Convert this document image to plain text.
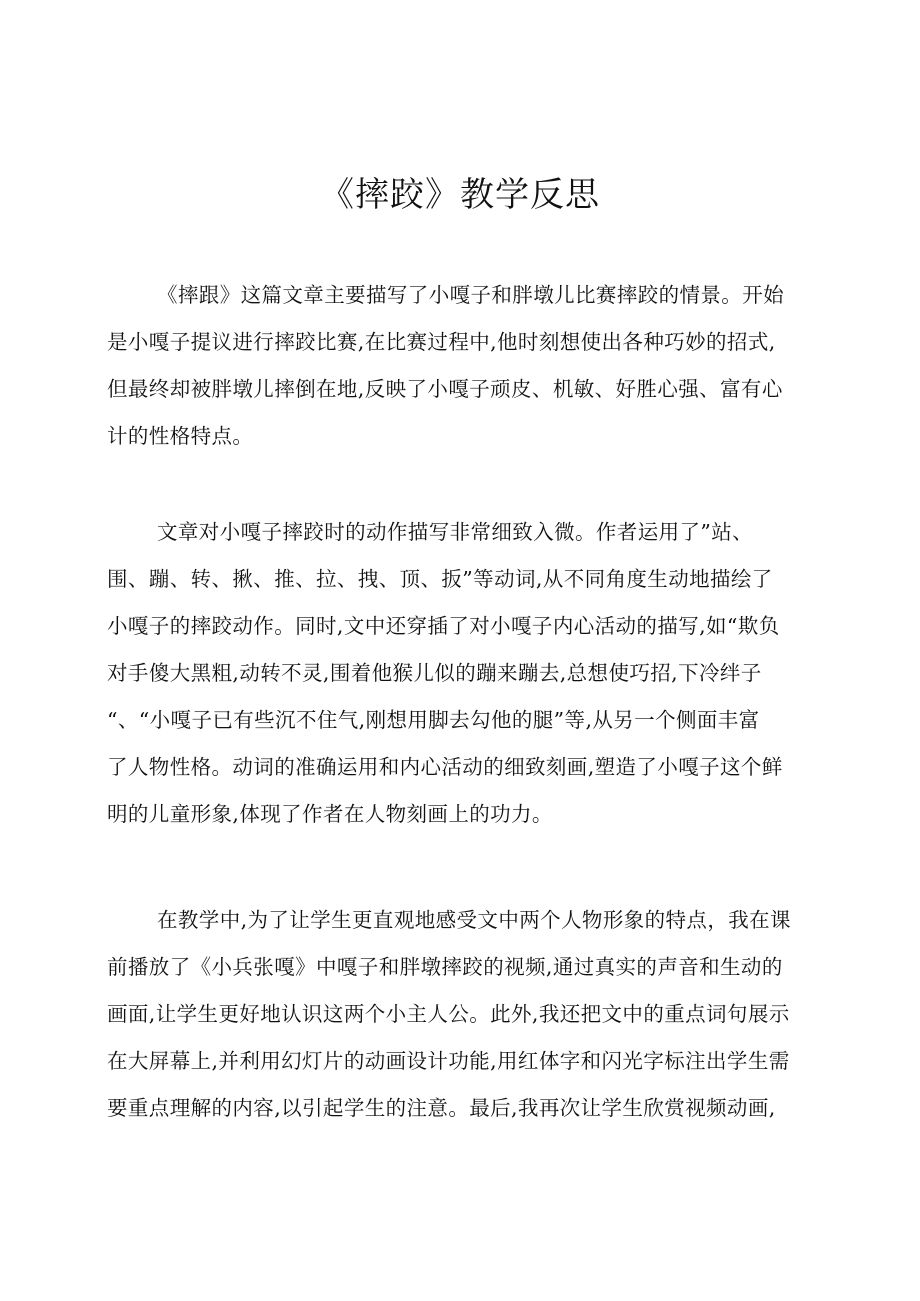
《摔跤》教学反思
《摔跟》这篇文章主要描写了小嘎子和胖墩儿比赛摔跤的情景。开始
是小嘎子提议进行摔跤比赛,在比赛过程中,他时刻想使出各种巧妙的招式,
但最终却被胖墩儿摔倒在地,反映了小嘎子顽皮、机敏、好胜心强、富有心
计的性格特点。
文章对小嘎子摔跤时的动作描写非常细致入微。作者运用了”站、
围、蹦、转、揪、推、拉、拽、顶、扳”等动词,从不同角度生动地描绘了
小嘎子的摔跤动作。同时,文中还穿插了对小嘎子内心活动的描写,如“欺负
对手傻大黑粗,动转不灵,围着他猴儿似的蹦来蹦去,总想使巧招,下冷绊子
“、“小嘎子已有些沉不住气,刚想用脚去勾他的腿”等,从另一个侧面丰富
了人物性格。动词的准确运用和内心活动的细致刻画,塑造了小嘎子这个鲜
明的儿童形象,体现了作者在人物刻画上的功力。
在教学中,为了让学生更直观地感受文中两个人物形象的特点，我在课
前播放了《小兵张嘎》中嘎子和胖墩摔跤的视频,通过真实的声音和生动的
画面,让学生更好地认识这两个小主人公。此外,我还把文中的重点词句展示
在大屏幕上,并利用幻灯片的动画设计功能,用红体字和闪光字标注出学生需
要重点理解的内容,以引起学生的注意。最后,我再次让学生欣赏视频动画,
